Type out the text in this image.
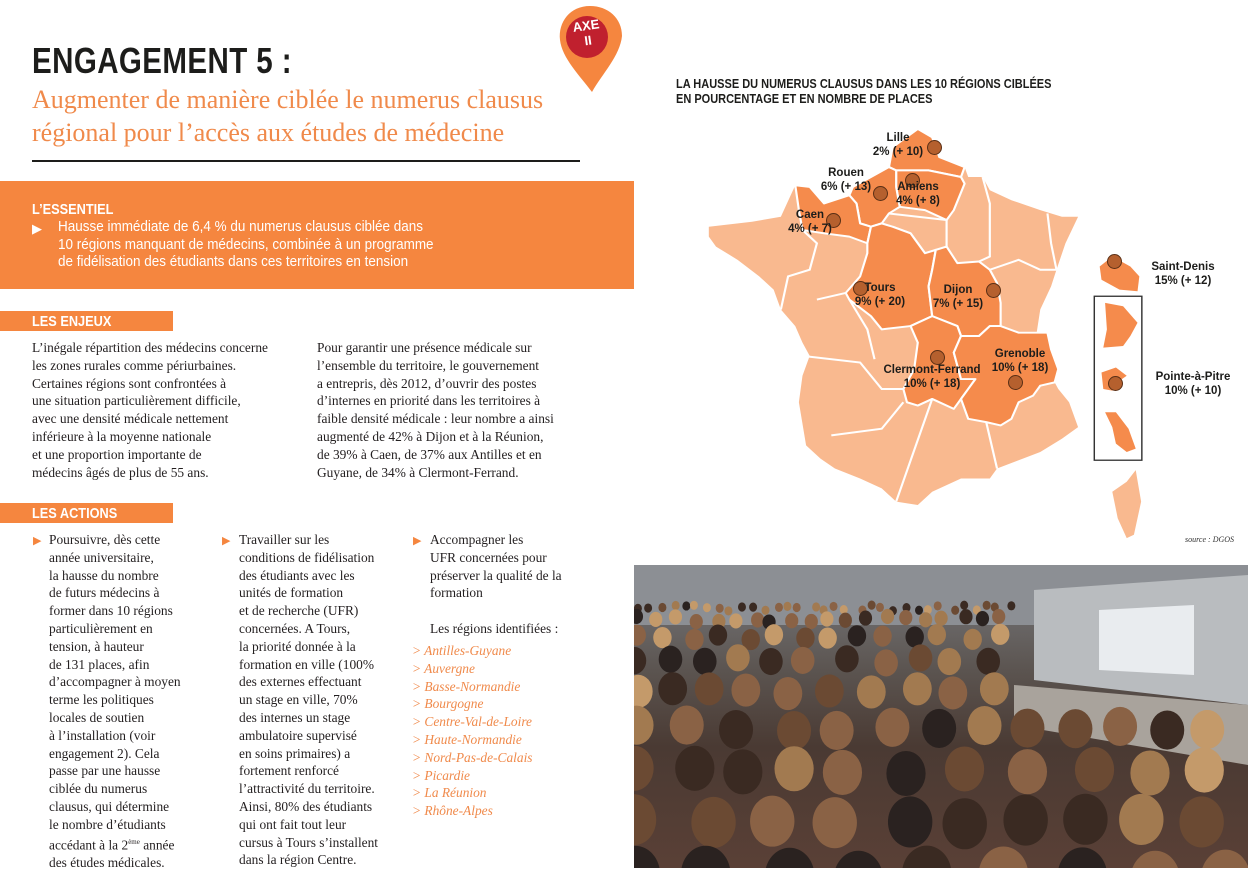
ENGAGEMENT 5 :
Augmenter de manière ciblée le numerus clausus
régional pour l’accès aux études de médecine
AXE
II
L’ESSENTIEL
▶ Hausse immédiate de 6,4 % du numerus clausus ciblée dans
10 régions manquant de médecins, combinée à un programme
de fidélisation des étudiants dans ces territoires en tension
LES ENJEUX
L’inégale répartition des médecins concerne
les zones rurales comme périurbaines.
Certaines régions sont confrontées à
une situation particulièrement difficile,
avec une densité médicale nettement
inférieure à la moyenne nationale
et une proportion importante de
médecins âgés de plus de 55 ans.
Pour garantir une présence médicale sur
l’ensemble du territoire, le gouvernement
a entrepris, dès 2012, d’ouvrir des postes
d’internes en priorité dans les territoires à
faible densité médicale : leur nombre a ainsi
augmenté de 42% à Dijon et à la Réunion,
de 39% à Caen, de 37% aux Antilles et en
Guyane, de 34% à Clermont-Ferrand.
LES ACTIONS
▶ Poursuivre, dès cette
année universitaire,
la hausse du nombre
de futurs médecins à
former dans 10 régions
particulièrement en
tension, à hauteur
de 131 places, afin
d’accompagner à moyen
terme les politiques
locales de soutien
à l’installation (voir
engagement 2). Cela
passe par une hausse
ciblée du numerus
clausus, qui détermine
le nombre d’étudiants
accédant à la 2ème année
des études médicales.
▶ Travailler sur les
conditions de fidélisation
des étudiants avec les
unités de formation
et de recherche (UFR)
concernées. A Tours,
la priorité donnée à la
formation en ville (100%
des externes effectuant
un stage en ville, 70%
des internes un stage
ambulatoire supervisé
en soins primaires) a
fortement renforcé
l’attractivité du territoire.
Ainsi, 80% des étudiants
qui ont fait tout leur
cursus à Tours s’installent
dans la région Centre.
▶ Accompagner les
UFR concernées pour
préserver la qualité de la
formation
Les régions identifiées :
> Antilles-Guyane
> Auvergne
> Basse-Normandie
> Bourgogne
> Centre-Val-de-Loire
> Haute-Normandie
> Nord-Pas-de-Calais
> Picardie
> La Réunion
> Rhône-Alpes
LA HAUSSE DU NUMERUS CLAUSUS DANS LES 10 RÉGIONS CIBLÉES
EN POURCENTAGE ET EN NOMBRE DE PLACES
Lille
2% (+ 10)
Rouen
6% (+ 13) Amiens
4% (+ 8)
Caen
4% (+ 7)
Tours
9% (+ 20)
Dijon
7% (+ 15)
Clermont-Ferrand
10% (+ 18)
Grenoble
10% (+ 18)
Saint-Denis
15% (+ 12)
Pointe-à-Pitre
10% (+ 10)
source : DGOS
